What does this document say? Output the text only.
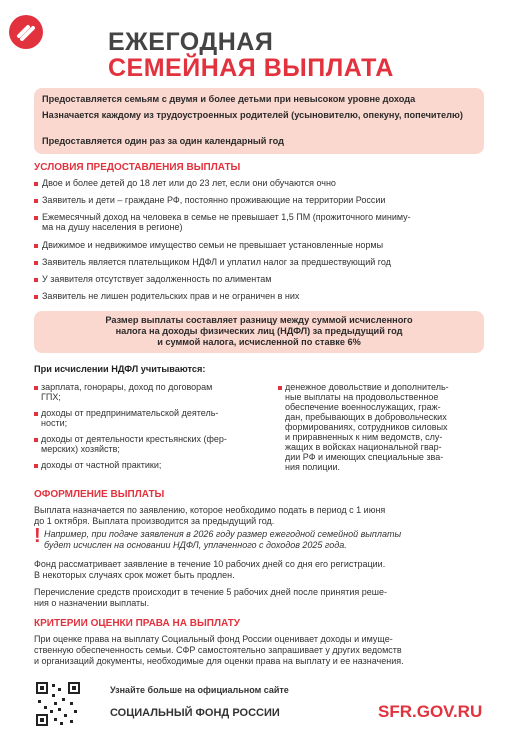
ЕЖЕГОДНАЯ
СЕМЕЙНАЯ ВЫПЛАТА

Предоставляется семьям с двумя и более детьми при невысоком уровне дохода

Назначается каждому из трудоустроенных родителей (усыновителю, опекуну, попечителю)

Предоставляется один раз за один календарный год

УСЛОВИЯ ПРЕДОСТАВЛЕНИЯ ВЫПЛАТЫ
Двое и более детей до 18 лет или до 23 лет, если они обучаются очно
Заявитель и дети – граждане РФ, постоянно проживающие на территории России
Ежемесячный доход на человека в семье не превышает 1,5 ПМ (прожиточного миниму-
ма на душу населения в регионе)
Движимое и недвижимое имущество семьи не превышает установленные нормы
Заявитель является плательщиком НДФЛ и уплатил налог за предшествующий год
У заявителя отсутствует задолженность по алиментам
Заявитель не лишен родительских прав и не ограничен в них

Размер выплаты составляет разницу между суммой исчисленного
налога на доходы физических лиц (НДФЛ) за предыдущий год
и суммой налога, исчисленной по ставке 6%

При исчислении НДФЛ учитываются:
зарплата, гонорары, доход по договорам
ГПХ;
доходы от предпринимательской деятель-
ности;
доходы от деятельности крестьянских (фер-
мерских) хозяйств;
доходы от частной практики;
денежное довольствие и дополнитель-
ные выплаты на продовольственное
обеспечение военнослужащих, граж-
дан, пребывающих в добровольческих
формированиях, сотрудников силовых
и приравненных к ним ведомств, слу-
жащих в войсках национальной гвар-
дии РФ и имеющих специальные зва-
ния полиции.
ОФОРМЛЕНИЕ ВЫПЛАТЫ
Выплата назначается по заявлению, которое необходимо подать в период с 1 июня
до 1 октября. Выплата производится за предыдущий год.
! Например, при подаче заявления в 2026 году размер ежегодной семейной выплаты
будет исчислен на основании НДФЛ, уплаченного с доходов 2025 года.
Фонд рассматривает заявление в течение 10 рабочих дней со дня его регистрации.
В некоторых случаях срок может быть продлен.
Перечисление средств происходит в течение 5 рабочих дней после принятия реше-
ния о назначении выплаты.
КРИТЕРИИ ОЦЕНКИ ПРАВА НА ВЫПЛАТУ
При оценке права на выплату Социальный фонд России оценивает доходы и имуще-
ственную обеспеченность семьи. СФР самостоятельно запрашивает у других ведомств
и организаций документы, необходимые для оценки права на выплату и ее назначения.
Узнайте больше на официальном сайте
СОЦИАЛЬНЫЙ ФОНД РОССИИ	SFR.GOV.RU
